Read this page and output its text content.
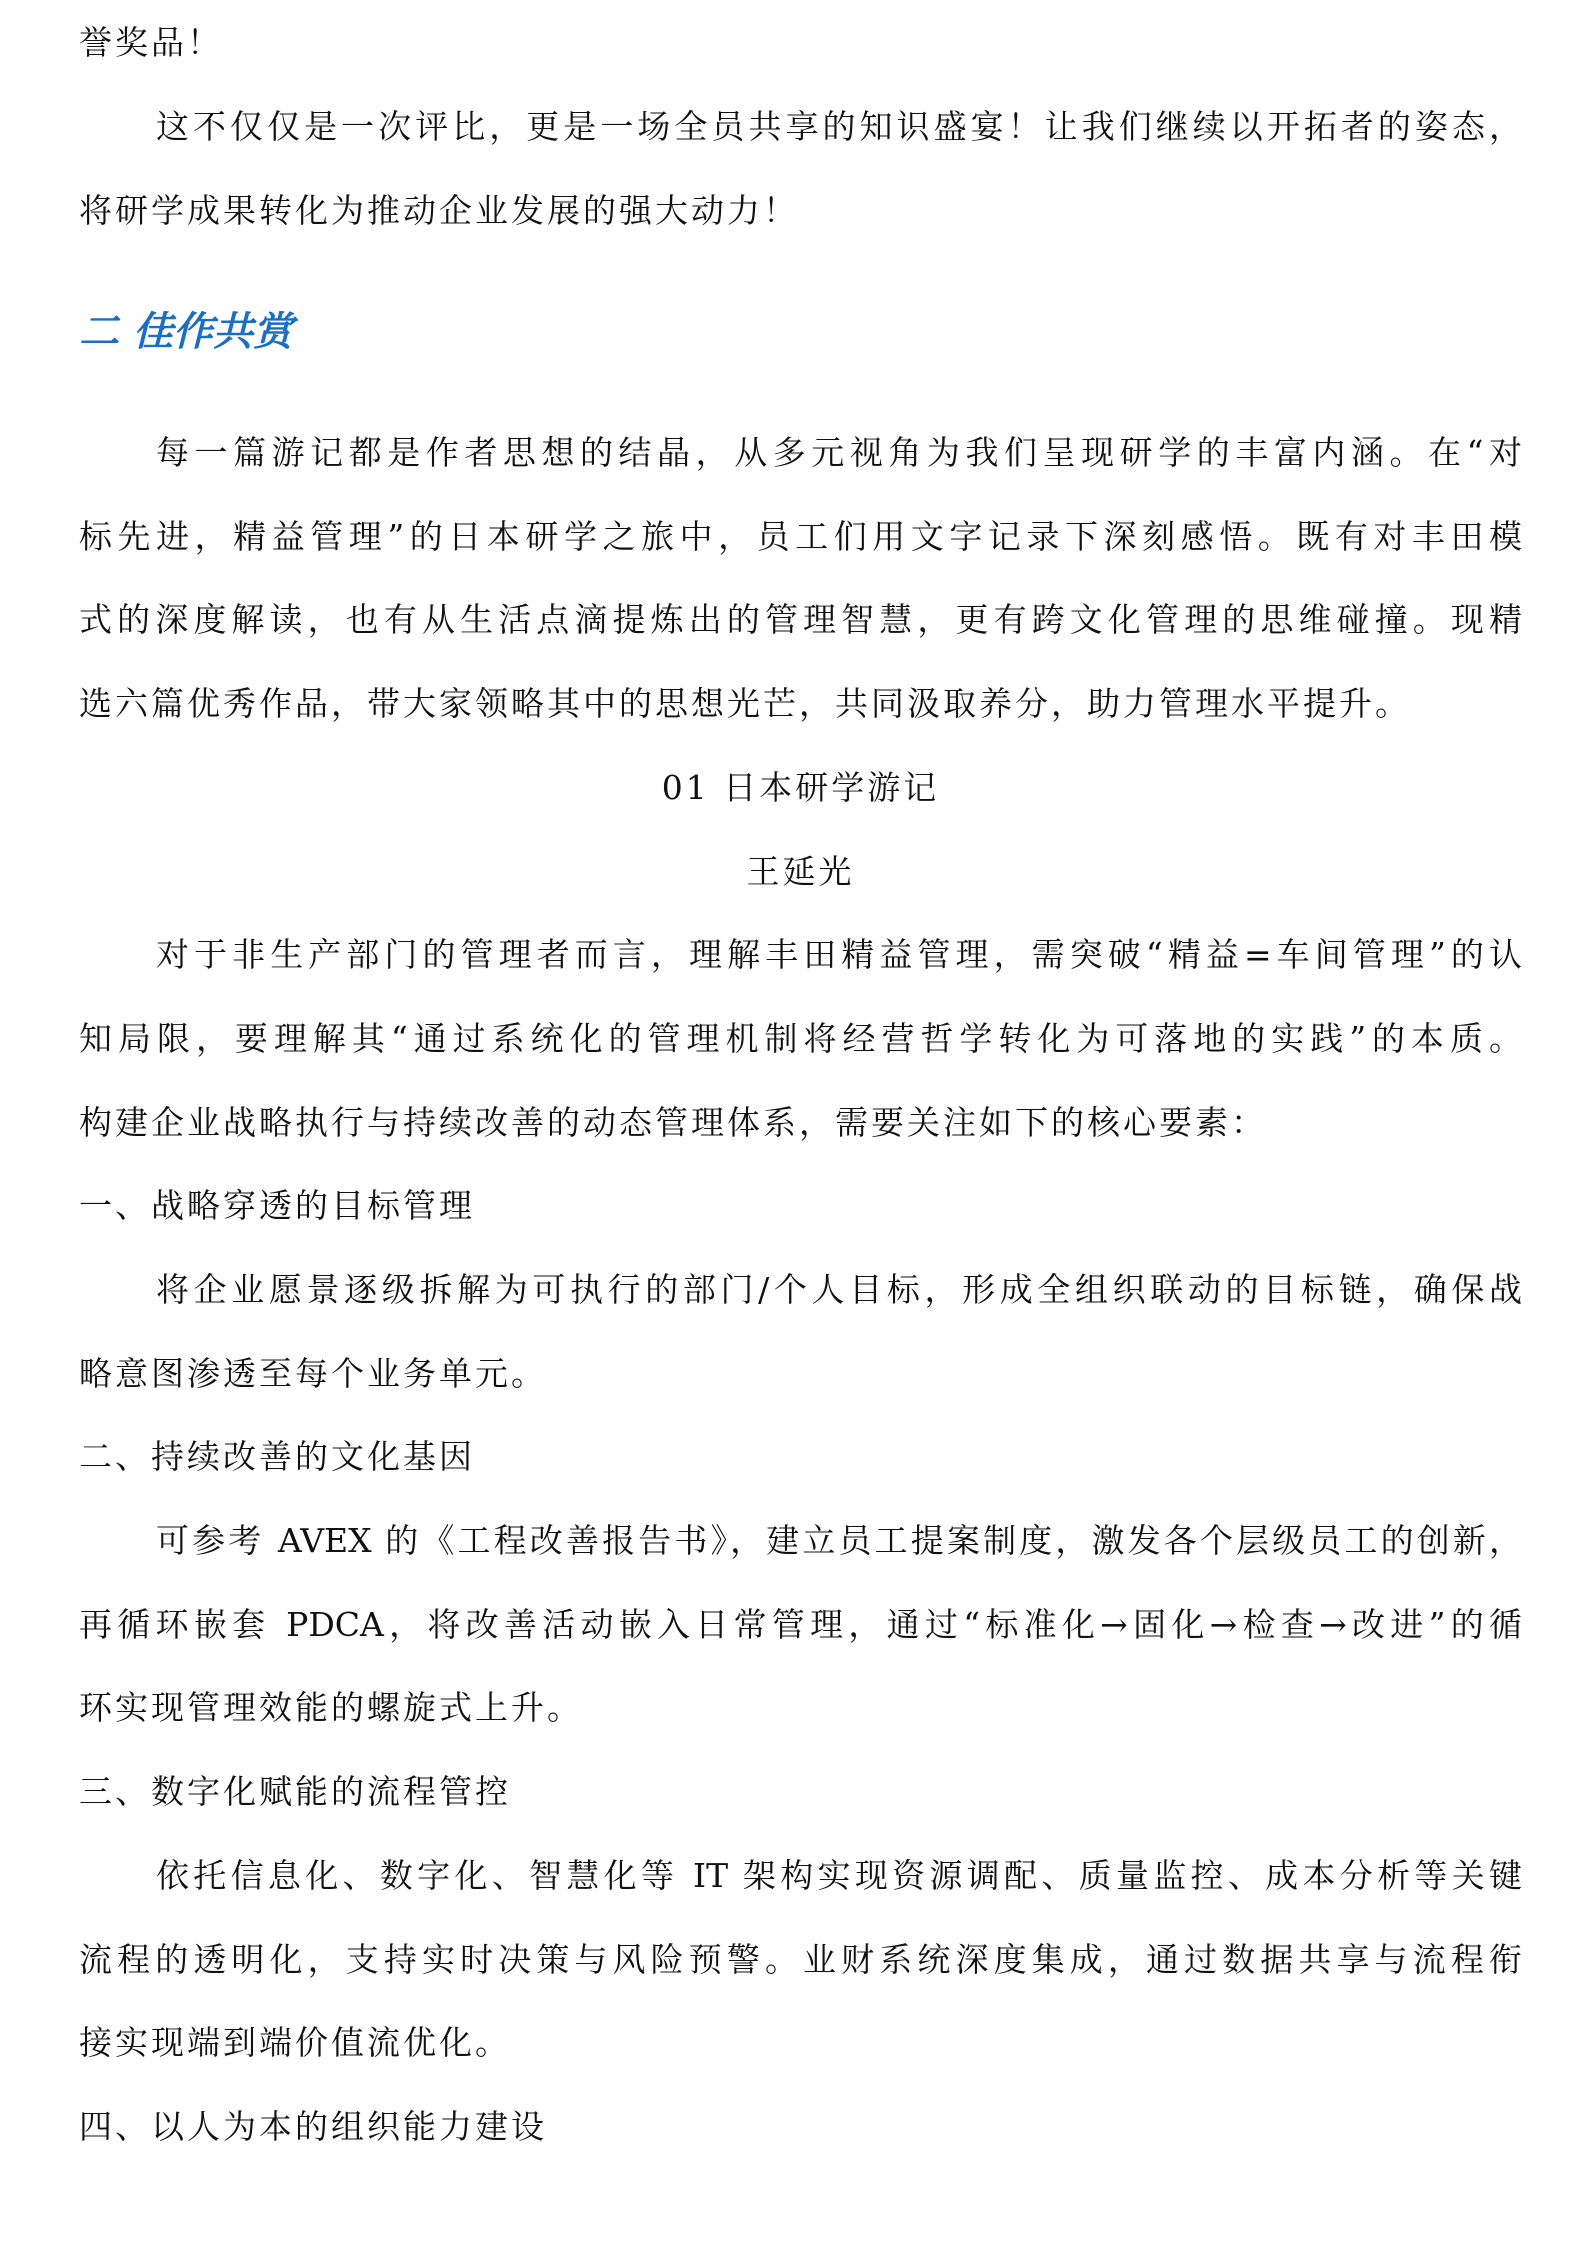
誉奖品！
这不仅仅是一次评比，更是一场全员共享的知识盛宴！让我们继续以开拓者的姿态，
将研学成果转化为推动企业发展的强大动力！
二 佳作共赏
每一篇游记都是作者思想的结晶，从多元视角为我们呈现研学的丰富内涵。在“对
标先进，精益管理”的日本研学之旅中，员工们用文字记录下深刻感悟。既有对丰田模
式的深度解读，也有从生活点滴提炼出的管理智慧，更有跨文化管理的思维碰撞。现精
选六篇优秀作品，带大家领略其中的思想光芒，共同汲取养分，助力管理水平提升。
01 日本研学游记
王延光
对于非生产部门的管理者而言，理解丰田精益管理，需突破“精益=车间管理”的认
知局限，要理解其“通过系统化的管理机制将经营哲学转化为可落地的实践”的本质。
构建企业战略执行与持续改善的动态管理体系，需要关注如下的核心要素：
一、战略穿透的目标管理
将企业愿景逐级拆解为可执行的部门/个人目标，形成全组织联动的目标链，确保战
略意图渗透至每个业务单元。
二、持续改善的文化基因
可参考 AVEX 的《工程改善报告书》，建立员工提案制度，激发各个层级员工的创新，
再循环嵌套 PDCA，将改善活动嵌入日常管理，通过“标准化→固化→检查→改进”的循
环实现管理效能的螺旋式上升。
三、数字化赋能的流程管控
依托信息化、数字化、智慧化等 IT 架构实现资源调配、质量监控、成本分析等关键
流程的透明化，支持实时决策与风险预警。业财系统深度集成，通过数据共享与流程衔
接实现端到端价值流优化。
四、以人为本的组织能力建设
